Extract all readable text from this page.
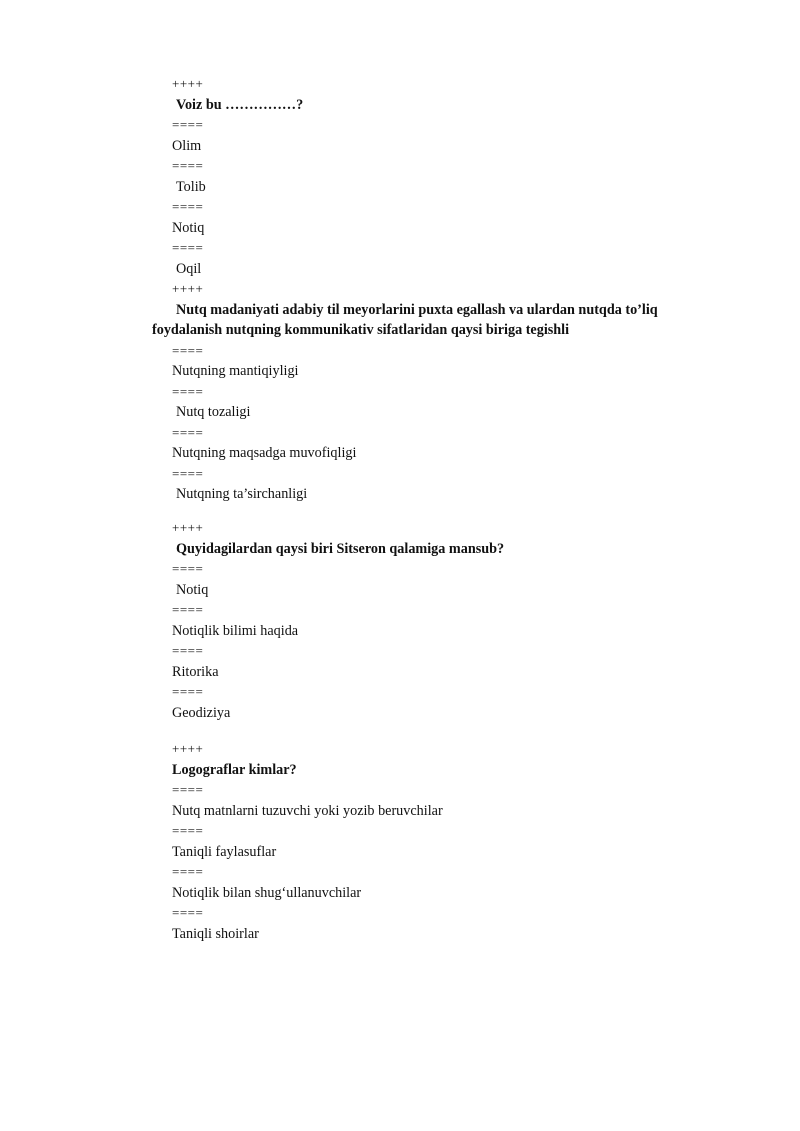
++++
Voiz bu ……………?
====
Olim
====
Tolib
====
Notiq
====
Oqil
++++
Nutq madaniyati adabiy til meyorlarini puxta egallash va ulardan nutqda to’liq foydalanish nutqning kommunikativ sifatlaridan qaysi biriga tegishli
====
Nutqning mantiqiyligi
====
Nutq tozaligi
====
Nutqning maqsadga muvofiqligi
====
Nutqning ta’sirchanligi
++++
Quyidagilardan qaysi biri Sitseron qalamiga mansub?
====
Notiq
====
Notiqlik bilimi haqida
====
Ritorika
====
Geodiziya
++++
Logograflar kimlar?
====
Nutq matnlarni tuzuvchi yoki yozib beruvchilar
====
Taniqli faylasuflar
====
Notiqlik bilan shug‘ullanuvchilar
====
Taniqli shoirlar
